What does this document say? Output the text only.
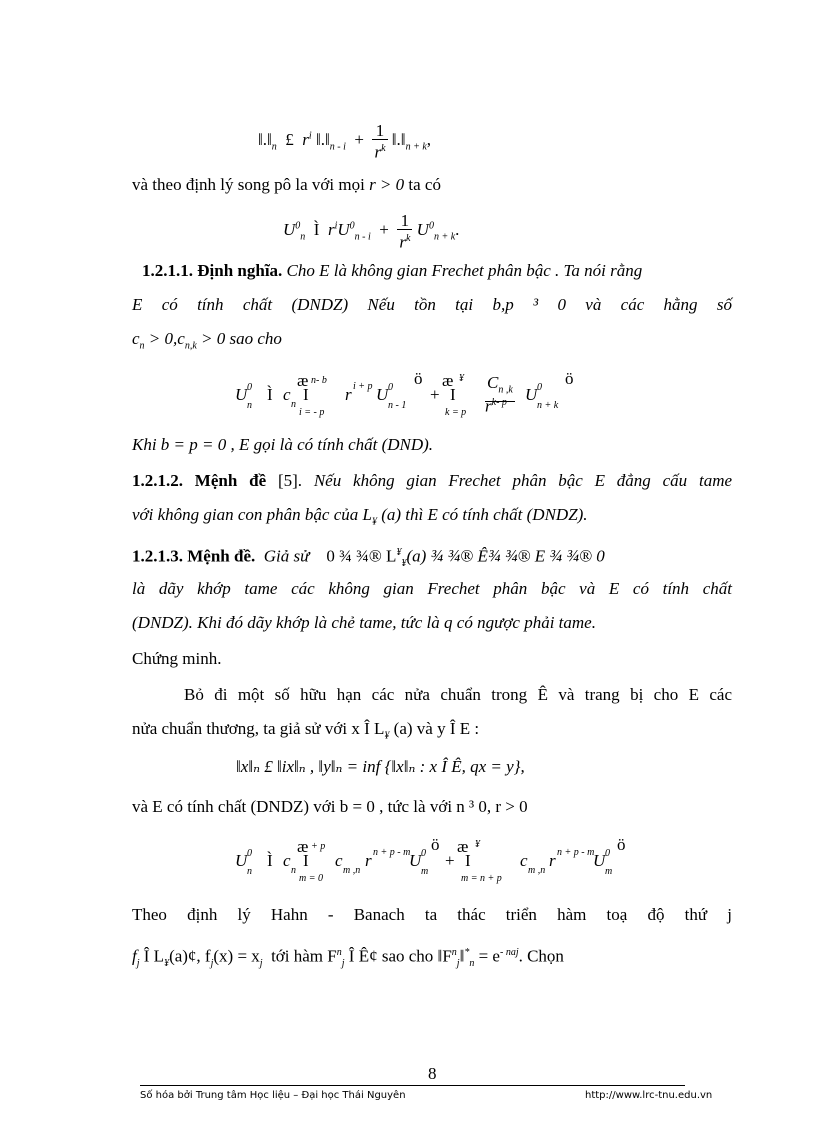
$‖.‖_n$ £ $r^i$ $‖.‖_{n - i} + \frac{1}{r^k}$ $‖.‖_{n + k}$,
và theo định lý song pô la với mọi r > 0 ta có
$U^0_n$ Ì $r^iU^0_{n - i} + \frac{1}{r^k} U^0_{n + k}$.
1.2.1.1. Định nghĩa. Cho E là không gian Frechet phân bậc . Ta nói rằng
E có tính chất (DNDZ) Nếu tồn tại b,p ³ 0 và các hằng số
$c_n > 0,c_{n,k} > 0$ sao cho
U 0
n
Ì c
n
æ n- b
I
i = - p
r i + p U 0
n - 1
ö
+
æ ¥
I
k = p
$C_{n ,k}$
$r^{k- p}$ U 0
n + k
ö
Khi b = p = 0 , E gọi là có tính chất (DND).
1.2.1.2. Mệnh đề [5]. Nếu không gian Frechet phân bậc E đẳng cấu tame
với không gian con phân bậc của $L_¥$ (a) thì E có tính chất (DNDZ).
1.2.1.3. Mệnh đề. Giả sử 0 ¾ ¾® $L^¥_¥(a)$ ¾ ¾® Ê¾ ¾® E ¾ ¾® 0
là dãy khớp tame các không gian Frechet phân bậc và E có tính chất
(DNDZ). Khi đó dãy khớp là chẻ tame, tức là q có ngược phải tame.
Chứng minh.
Bỏ đi một số hữu hạn các nửa chuẩn trong Ê và trang bị cho E các
nửa chuẩn thương, ta giả sử với x Î $L_¥$ (a) và y Î E :
‖x‖ₙ £ ‖ix‖ₙ , ‖y‖ₙ = inf {‖x‖ₙ : x Î Ê, qx = y},
và E có tính chất (DNDZ) với b = 0 , tức là với n ³ 0, r > 0
U 0
n
Ì c
n
æ + p
I
m = 0
c
m ,n
r n + p - m
U 0
m
ö
+
æ ¥
I
m = n + p
c
m ,n
r n + p - m
U 0
m
ö
Theo định lý Hahn - Banach ta thác triển hàm toạ độ thứ j
$f_j$ Î $L_¥(a)¢$, $f_j(x) = x_j$ tới hàm $F^n_j$ Î Ê¢ sao cho $‖F^n_j‖^*_n = e^{- naj}$. Chọn
8
Số hóa bởi Trung tâm Học liệu – Đại học Thái Nguyên	http://www.lrc-tnu.edu.vn
